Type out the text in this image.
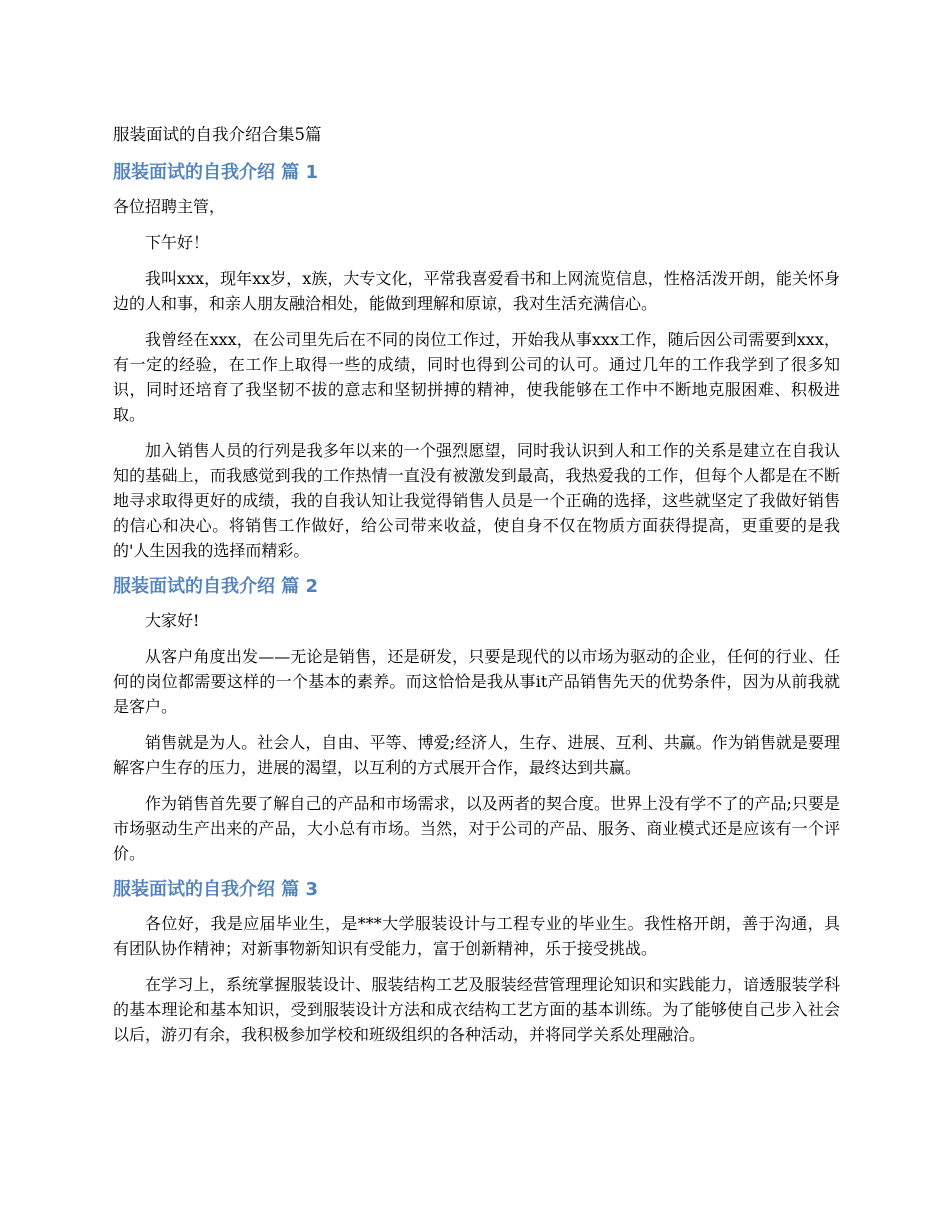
服装面试的自我介绍合集5篇
服装面试的自我介绍 篇 1

各位招聘主管，

下午好！

我叫xxx，现年xx岁，x族，大专文化，平常我喜爱看书和上网流览信息，性格活泼开朗，能关怀身边的人和事，和亲人朋友融洽相处，能做到理解和原谅，我对生活充满信心。

我曾经在xxx，在公司里先后在不同的岗位工作过，开始我从事xxx工作，随后因公司需要到xxx，有一定的经验，在工作上取得一些的成绩，同时也得到公司的认可。通过几年的工作我学到了很多知识，同时还培育了我坚韧不拔的意志和坚韧拼搏的精神，使我能够在工作中不断地克服困难、积极进取。

加入销售人员的行列是我多年以来的一个强烈愿望，同时我认识到人和工作的关系是建立在自我认知的基础上，而我感觉到我的工作热情一直没有被激发到最高，我热爱我的工作，但每个人都是在不断地寻求取得更好的成绩，我的自我认知让我觉得销售人员是一个正确的选择，这些就坚定了我做好销售的信心和决心。将销售工作做好，给公司带来收益，使自身不仅在物质方面获得提高，更重要的是我的'人生因我的选择而精彩。

服装面试的自我介绍 篇 2

大家好!

从客户角度出发——无论是销售，还是研发，只要是现代的以市场为驱动的企业，任何的行业、任何的岗位都需要这样的一个基本的素养。而这恰恰是我从事it产品销售先天的优势条件，因为从前我就是客户。

销售就是为人。社会人，自由、平等、博爱;经济人，生存、进展、互利、共赢。作为销售就是要理解客户生存的压力，进展的渴望，以互利的方式展开合作，最终达到共赢。

作为销售首先要了解自己的产品和市场需求，以及两者的契合度。世界上没有学不了的产品;只要是市场驱动生产出来的产品，大小总有市场。当然，对于公司的产品、服务、商业模式还是应该有一个评价。

服装面试的自我介绍 篇 3

各位好，我是应届毕业生，是***大学服装设计与工程专业的毕业生。我性格开朗，善于沟通，具有团队协作精神；对新事物新知识有受能力，富于创新精神，乐于接受挑战。

在学习上，系统掌握服装设计、服装结构工艺及服装经营管理理论知识和实践能力，谙透服装学科的基本理论和基本知识，受到服装设计方法和成衣结构工艺方面的基本训练。为了能够使自己步入社会以后，游刃有余，我积极参加学校和班级组织的各种活动，并将同学关系处理融洽。
